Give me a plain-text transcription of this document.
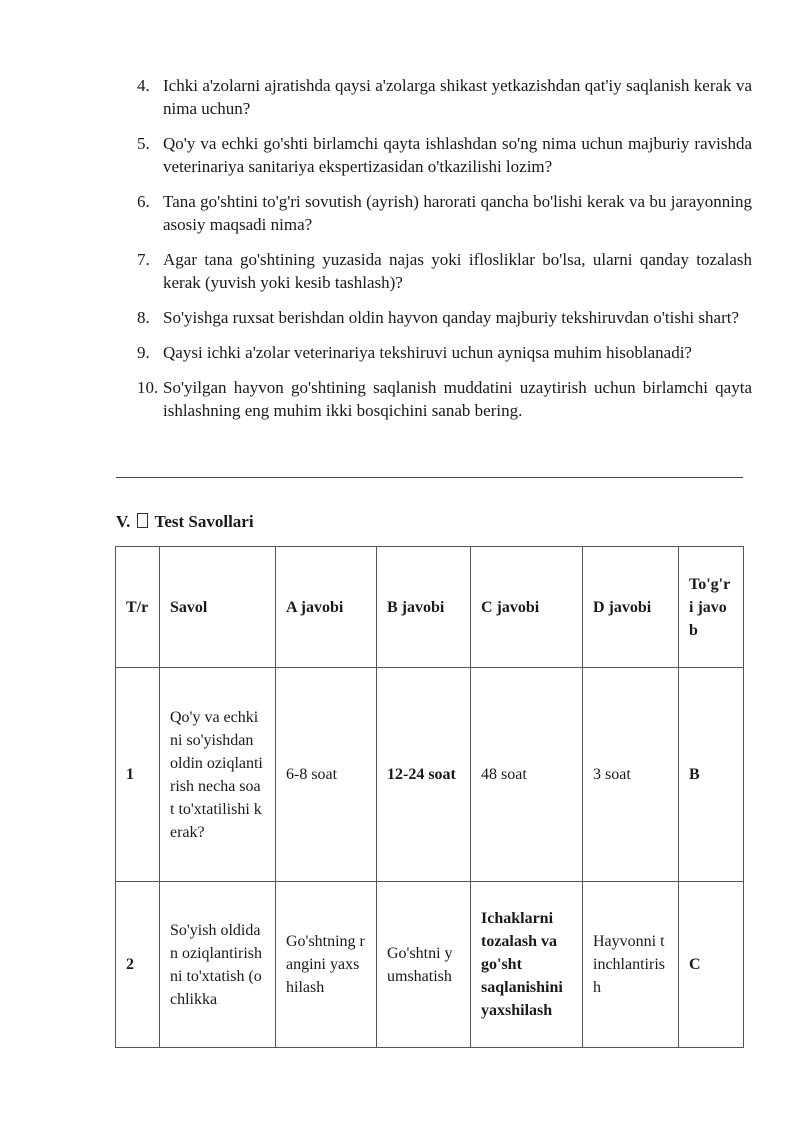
4. Ichki a'zolarni ajratishda qaysi a'zolarga shikast yetkazishdan qat'iy saqlanish kerak va nima uchun?
5. Qo'y va echki go'shti birlamchi qayta ishlashdan so'ng nima uchun majburiy ravishda veterinariya sanitariya ekspertizasidan o'tkazilishi lozim?
6. Tana go'shtini to'g'ri sovutish (ayrish) harorati qancha bo'lishi kerak va bu jarayonning asosiy maqsadi nima?
7. Agar tana go'shtining yuzasida najas yoki iflosliklar bo'lsa, ularni qanday tozalash kerak (yuvish yoki kesib tashlash)?
8. So'yishga ruxsat berishdan oldin hayvon qanday majburiy tekshiruvdan o'tishi shart?
9. Qaysi ichki a'zolar veterinariya tekshiruvi uchun ayniqsa muhim hisoblanadi?
10. So'yilgan hayvon go'shtining saqlanish muddatini uzaytirish uchun birlamchi qayta ishlashning eng muhim ikki bosqichini sanab bering.
V. Test Savollari
T/r	Savol	A javobi	B javobi	C javobi	D javobi	To'g'ri javob
1	Qo'y va echkini so'yishdan oldin oziqlantirish necha soat to'xtatilishi kerak?	6-8 soat	12-24 soat	48 soat	3 soat	B
2	So'yish oldidan oziqlantirishni to'xtatish (ochlikka	Go'shtning rangini yaxshilash	Go'shtni yumshatish	Ichaklarni tozalash va go'sht saqlanishini yaxshilash	Hayvonni tinchlantirish	C
